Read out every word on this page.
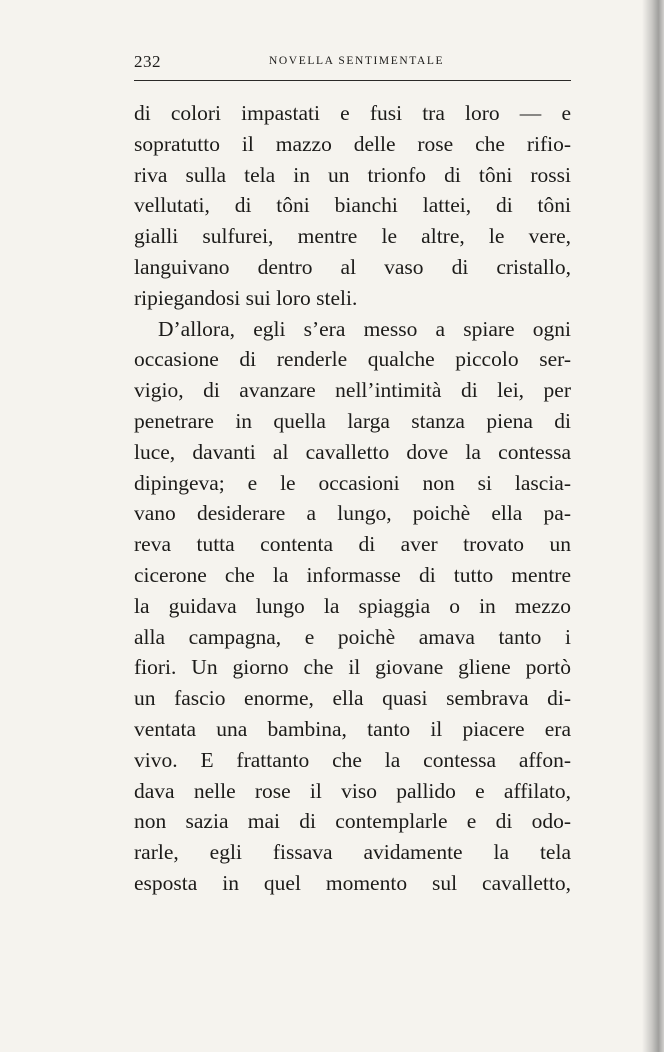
232	NOVELLA SENTIMENTALE
di colori impastati e fusi tra loro — e
sopratutto il mazzo delle rose che rifio-
riva sulla tela in un trionfo di tôni rossi
vellutati, di tôni bianchi lattei, di tôni
gialli sulfurei, mentre le altre, le vere,
languivano dentro al vaso di cristallo,
ripiegandosi sui loro steli.
D’allora, egli s’era messo a spiare ogni
occasione di renderle qualche piccolo ser-
vigio, di avanzare nell’intimità di lei, per
penetrare in quella larga stanza piena di
luce, davanti al cavalletto dove la contessa
dipingeva; e le occasioni non si lascia-
vano desiderare a lungo, poichè ella pa-
reva tutta contenta di aver trovato un
cicerone che la informasse di tutto mentre
la guidava lungo la spiaggia o in mezzo
alla campagna, e poichè amava tanto i
fiori. Un giorno che il giovane gliene portò
un fascio enorme, ella quasi sembrava di-
ventata una bambina, tanto il piacere era
vivo. E frattanto che la contessa affon-
dava nelle rose il viso pallido e affilato,
non sazia mai di contemplarle e di odo-
rarle, egli fissava avidamente la tela
esposta in quel momento sul cavalletto,
